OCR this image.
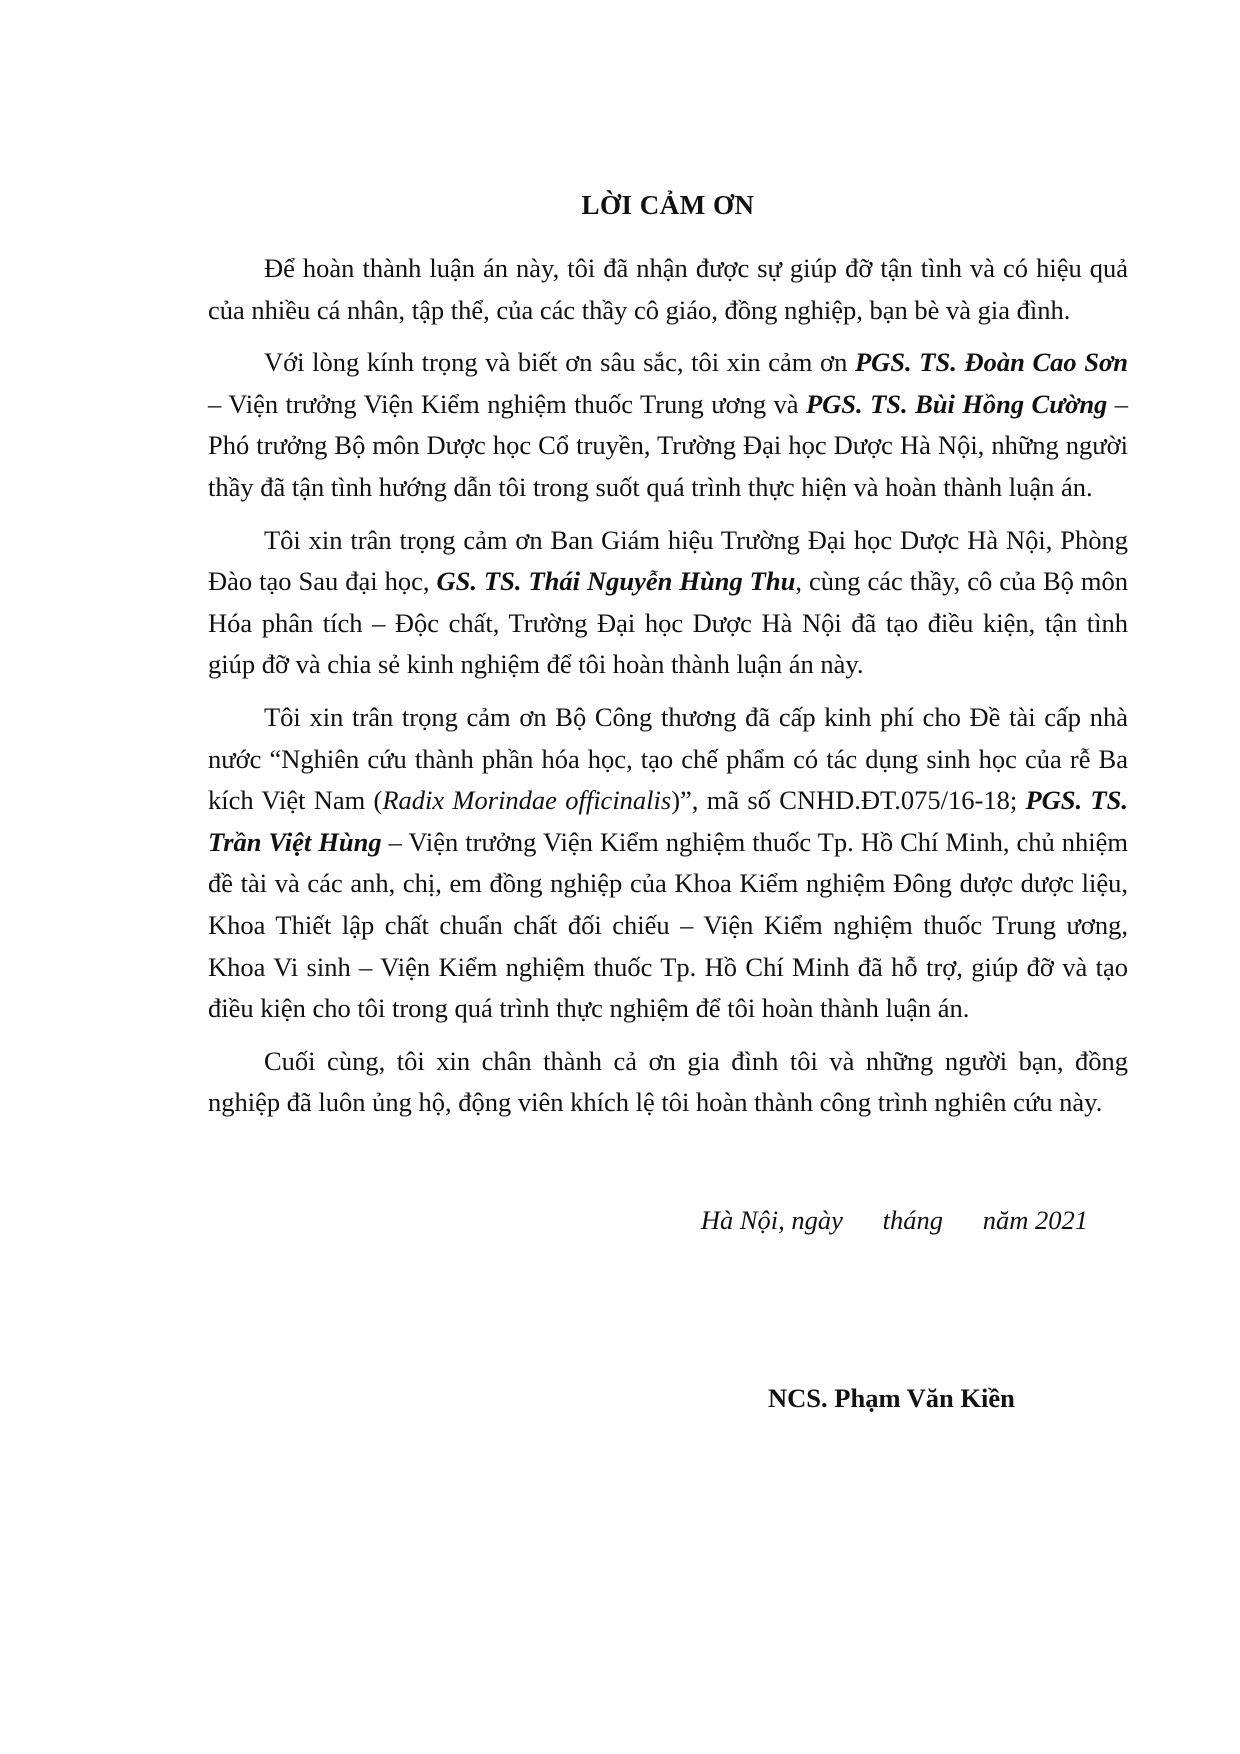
LỜI CẢM ƠN

Để hoàn thành luận án này, tôi đã nhận được sự giúp đỡ tận tình và có hiệu quả của nhiều cá nhân, tập thể, của các thầy cô giáo, đồng nghiệp, bạn bè và gia đình.

Với lòng kính trọng và biết ơn sâu sắc, tôi xin cảm ơn PGS. TS. Đoàn Cao Sơn – Viện trưởng Viện Kiểm nghiệm thuốc Trung ương và PGS. TS. Bùi Hồng Cường – Phó trưởng Bộ môn Dược học Cổ truyền, Trường Đại học Dược Hà Nội, những người thầy đã tận tình hướng dẫn tôi trong suốt quá trình thực hiện và hoàn thành luận án.

Tôi xin trân trọng cảm ơn Ban Giám hiệu Trường Đại học Dược Hà Nội, Phòng Đào tạo Sau đại học, GS. TS. Thái Nguyễn Hùng Thu, cùng các thầy, cô của Bộ môn Hóa phân tích – Độc chất, Trường Đại học Dược Hà Nội đã tạo điều kiện, tận tình giúp đỡ và chia sẻ kinh nghiệm để tôi hoàn thành luận án này.

Tôi xin trân trọng cảm ơn Bộ Công thương đã cấp kinh phí cho Đề tài cấp nhà nước “Nghiên cứu thành phần hóa học, tạo chế phẩm có tác dụng sinh học của rễ Ba kích Việt Nam (Radix Morindae officinalis)”, mã số CNHD.ĐT.075/16-18; PGS. TS. Trần Việt Hùng – Viện trưởng Viện Kiểm nghiệm thuốc Tp. Hồ Chí Minh, chủ nhiệm đề tài và các anh, chị, em đồng nghiệp của Khoa Kiểm nghiệm Đông dược dược liệu, Khoa Thiết lập chất chuẩn chất đối chiếu – Viện Kiểm nghiệm thuốc Trung ương, Khoa Vi sinh – Viện Kiểm nghiệm thuốc Tp. Hồ Chí Minh đã hỗ trợ, giúp đỡ và tạo điều kiện cho tôi trong quá trình thực nghiệm để tôi hoàn thành luận án.

Cuối cùng, tôi xin chân thành cả ơn gia đình tôi và những người bạn, đồng nghiệp đã luôn ủng hộ, động viên khích lệ tôi hoàn thành công trình nghiên cứu này.

Hà Nội, ngày      tháng      năm 2021
NCS. Phạm Văn Kiền
